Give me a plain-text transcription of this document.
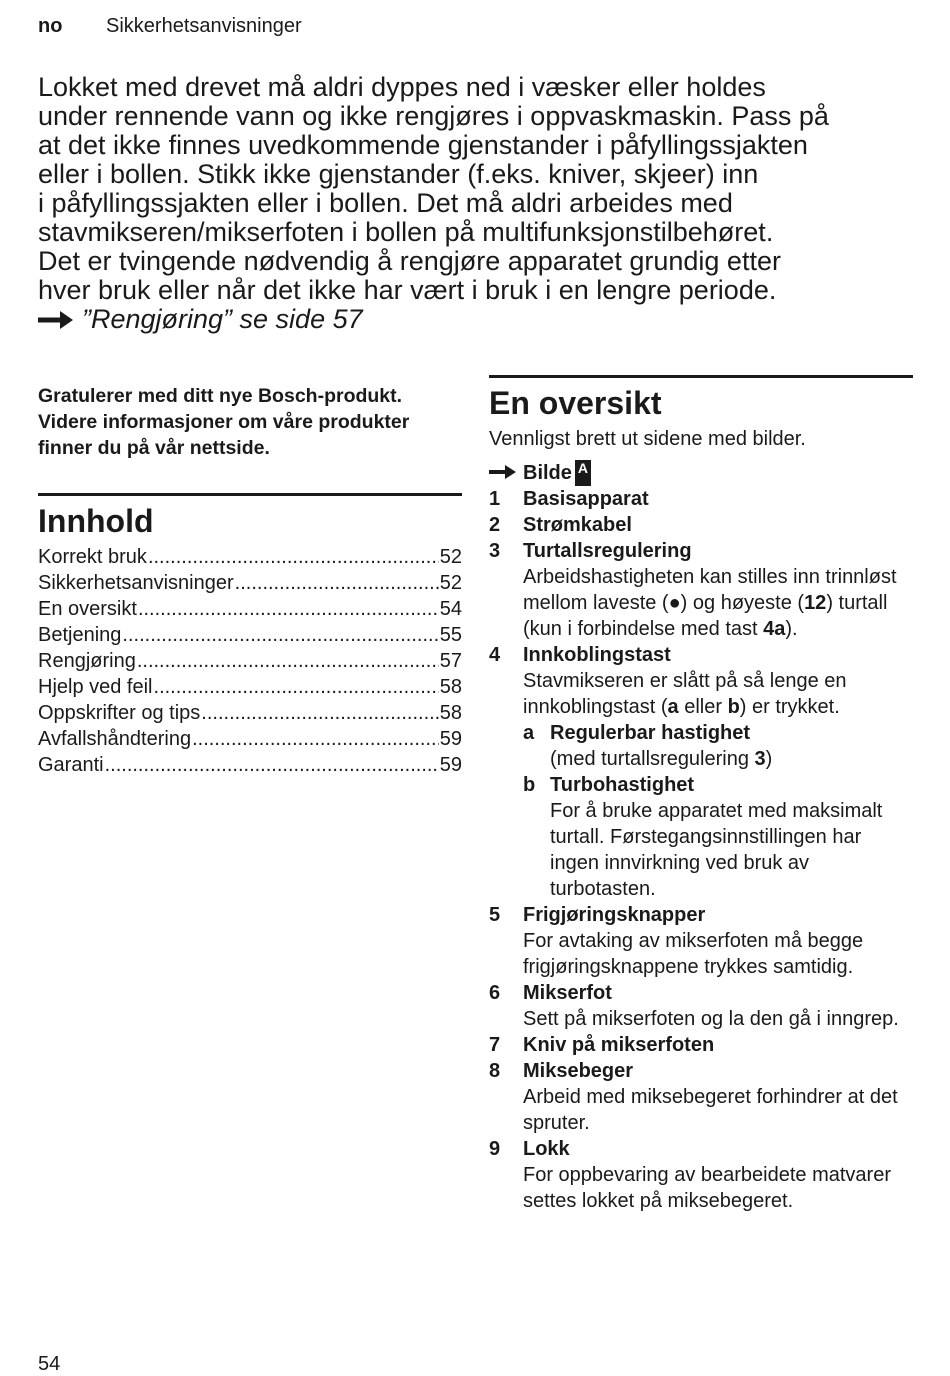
no Sikkerhetsanvisninger

Lokket med drevet må aldri dyppes ned i væsker eller holdes

under rennende vann og ikke rengjøres i oppvaskmaskin. Pass på

at det ikke finnes uvedkommende gjenstander i påfyllingssjakten

eller i bollen. Stikk ikke gjenstander (f.eks. kniver, skjeer) inn

i påfyllingssjakten eller i bollen. Det må aldri arbeides med

stavmikseren/mikserfoten i bollen på multifunksjonstilbehøret.

Det er tvingende nødvendig å rengjøre apparatet grundig etter

hver bruk eller når det ikke har vært i bruk i en lengre periode.

”Rengjøring” se side 57

Gratulerer med ditt nye Bosch-produkt. Videre informasjoner om våre produkter finner du på vår nettside.

Innhold
Korrekt bruk .....	52
Sikkerhetsanvisninger .....	52
En oversikt .....	54
Betjening .....	55
Rengjøring .....	57
Hjelp ved feil .....	58
Oppskrifter og tips .....	58
Avfallshåndtering .....	59
Garanti .....	59
En oversikt

Vennligst brett ut sidene med bilder.

Bilde A
1	Basisapparat
2	Strømkabel
3	Turtallsregulering
Arbeidshastigheten kan stilles inn trinnløst mellom laveste (●) og høyeste (12) turtall (kun i forbindelse med tast 4a).
4	Innkoblingstast
Stavmikseren er slått på så lenge en innkoblingstast (a eller b) er trykket.
a Regulerbar hastighet
(med turtallsregulering 3)
b Turbohastighet
For å bruke apparatet med maksimalt turtall. Førstegangsinnstillingen har ingen innvirkning ved bruk av turbotasten.
5	Frigjøringsknapper
For avtaking av mikserfoten må begge frigjøringsknappene trykkes samtidig.
6	Mikserfot
Sett på mikserfoten og la den gå i inngrep.
7	Kniv på mikserfoten
8	Miksebeger
Arbeid med miksebegeret forhindrer at det spruter.
9	Lokk
For oppbevaring av bearbeidete matvarer settes lokket på miksebegeret.
54
